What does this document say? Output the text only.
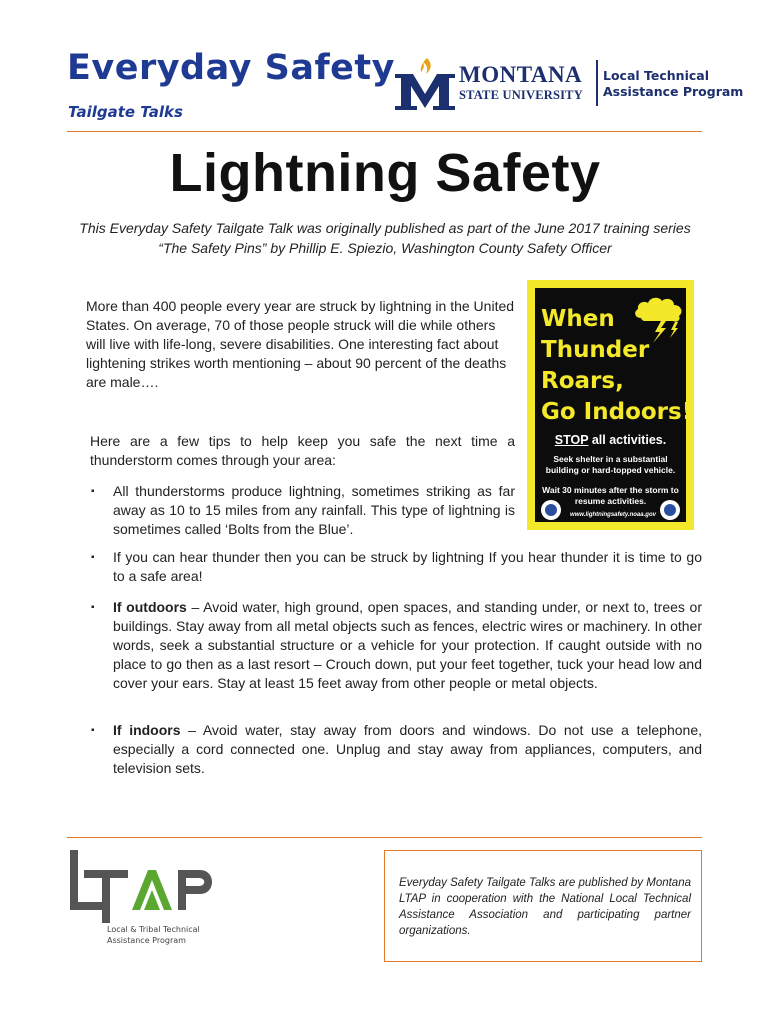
Everyday Safety
Tailgate Talks
MONTANA
STATE UNIVERSITY
Local Technical
Assistance Program
Lightning Safety
This Everyday Safety Tailgate Talk was originally published as part of the June 2017 training series “The Safety Pins” by Phillip E. Spiezio, Washington County Safety Officer
More than 400 people every year are struck by lightning in the United States. On average, 70 of those people struck will die while others will live with life-long, severe disabilities. One interesting fact about lightening strikes worth mentioning – about 90 percent of the deaths are male….
Here are a few tips to help keep you safe the next time a thunderstorm comes through your area:
▪ All thunderstorms produce lightning, sometimes striking as far away as 10 to 15 miles from any rainfall. This type of lightning is sometimes called ‘Bolts from the Blue’.
▪ If you can hear thunder then you can be struck by lightning If you hear thunder it is time to go to a safe area!
▪ If outdoors – Avoid water, high ground, open spaces, and standing under, or next to, trees or buildings. Stay away from all metal objects such as fences, electric wires or machinery. In other words, seek a substantial structure or a vehicle for your protection. If caught outside with no place to go then as a last resort – Crouch down, put your feet together, tuck your head low and cover your ears. Stay at least 15 feet away from other people or metal objects.
▪ If indoors – Avoid water, stay away from doors and windows. Do not use a telephone, especially a cord connected one. Unplug and stay away from appliances, computers, and television sets.
When
Thunder
Roars,
Go Indoors!
STOP all activities.
Seek shelter in a substantial building or hard-topped vehicle.
Wait 30 minutes after the storm to resume activities.
www.lightningsafety.noaa.gov
Local & Tribal Technical
Assistance Program
Everyday Safety Tailgate Talks are published by Montana LTAP in cooperation with the National Local Technical Assistance Association and participating partner organizations.
